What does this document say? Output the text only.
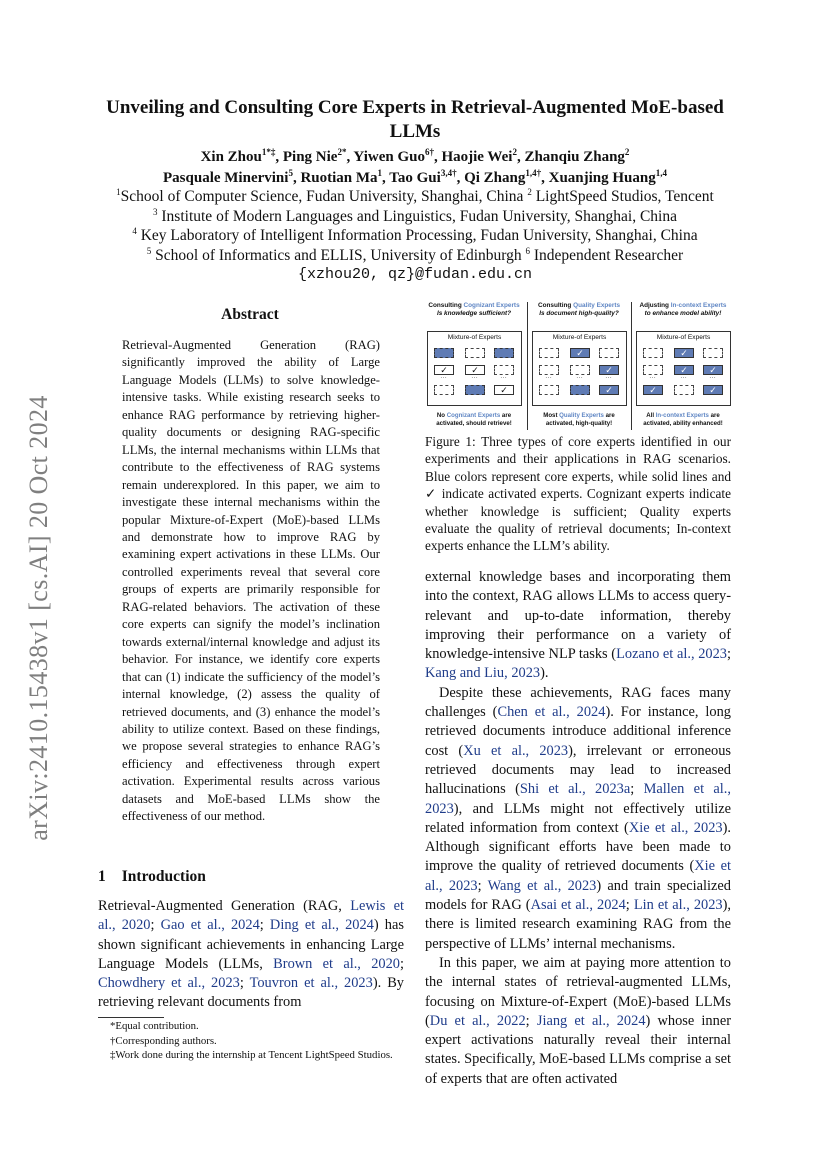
arXiv:2410.15438v1 [cs.AI] 20 Oct 2024
Unveiling and Consulting Core Experts in Retrieval-Augmented MoE-based LLMs
Xin Zhou$^{1*\ddagger}$, Ping Nie$^{2*}$, Yiwen Guo$^{6\dagger}$, Haojie Wei$^2$, Zhanqiu Zhang$^2$
Pasquale Minervini$^5$, Ruotian Ma$^1$, Tao Gui$^{3,4\dagger}$, Qi Zhang$^{1,4\dagger}$, Xuanjing Huang$^{1,4}$
$^1$School of Computer Science, Fudan University, Shanghai, China $^2$ LightSpeed Studios, Tencent
$^3$ Institute of Modern Languages and Linguistics, Fudan University, Shanghai, China
$^4$ Key Laboratory of Intelligent Information Processing, Fudan University, Shanghai, China
$^5$ School of Informatics and ELLIS, University of Edinburgh $^6$ Independent Researcher
{xzhou20, qz}@fudan.edu.cn
Abstract
Retrieval-Augmented Generation (RAG) significantly improved the ability of Large Language Models (LLMs) to solve knowledge-intensive tasks. While existing research seeks to enhance RAG performance by retrieving higher-quality documents or designing RAG-specific LLMs, the internal mechanisms within LLMs that contribute to the effectiveness of RAG systems remain underexplored. In this paper, we aim to investigate these internal mechanisms within the popular Mixture-of-Expert (MoE)-based LLMs and demonstrate how to improve RAG by examining expert activations in these LLMs. Our controlled experiments reveal that several core groups of experts are primarily responsible for RAG-related behaviors. The activation of these core experts can signify the model’s inclination towards external/internal knowledge and adjust its behavior. For instance, we identify core experts that can (1) indicate the sufficiency of the model’s internal knowledge, (2) assess the quality of retrieved documents, and (3) enhance the model’s ability to utilize context. Based on these findings, we propose several strategies to enhance RAG’s efficiency and effectiveness through expert activation. Experimental results across various datasets and MoE-based LLMs show the effectiveness of our method.
1 Introduction
Retrieval-Augmented Generation (RAG, Lewis et al., 2020; Gao et al., 2024; Ding et al., 2024) has shown significant achievements in enhancing Large Language Models (LLMs, Brown et al., 2020; Chowdhery et al., 2023; Touvron et al., 2023). By retrieving relevant documents from
*Equal contribution.
†Corresponding authors.
‡Work done during the internship at Tencent LightSpeed Studios.
Consulting Cognizant Experts
Is knowledge sufficient?
Mixture-of Experts
✓	✓
…	…	…
✓
No Cognizant Experts are activated, should retrieve!
Consulting Quality Experts
Is document high-quality?
Mixture-of Experts
✓
✓
…	…	…
✓
Most Quality Experts are activated, high-quality!
Adjusting In-context Experts
to enhance model ability!
Mixture-of Experts
✓
✓	✓
…	…	…
✓	✓
All In-context Experts are activated, ability enhanced!
Figure 1: Three types of core experts identified in our experiments and their applications in RAG scenarios. Blue colors represent core experts, while solid lines and ✓ indicate activated experts. Cognizant experts indicate whether knowledge is sufficient; Quality experts evaluate the quality of retrieval documents; In-context experts enhance the LLM’s ability.
external knowledge bases and incorporating them into the context, RAG allows LLMs to access query-relevant and up-to-date information, thereby improving their performance on a variety of knowledge-intensive NLP tasks (Lozano et al., 2023; Kang and Liu, 2023).
Despite these achievements, RAG faces many challenges (Chen et al., 2024). For instance, long retrieved documents introduce additional inference cost (Xu et al., 2023), irrelevant or erroneous retrieved documents may lead to increased hallucinations (Shi et al., 2023a; Mallen et al., 2023), and LLMs might not effectively utilize related information from context (Xie et al., 2023). Although significant efforts have been made to improve the quality of retrieved documents (Xie et al., 2023; Wang et al., 2023) and train specialized models for RAG (Asai et al., 2024; Lin et al., 2023), there is limited research examining RAG from the perspective of LLMs’ internal mechanisms.
In this paper, we aim at paying more attention to the internal states of retrieval-augmented LLMs, focusing on Mixture-of-Expert (MoE)-based LLMs (Du et al., 2022; Jiang et al., 2024) whose inner expert activations naturally reveal their internal states. Specifically, MoE-based LLMs comprise a set of experts that are often activated
